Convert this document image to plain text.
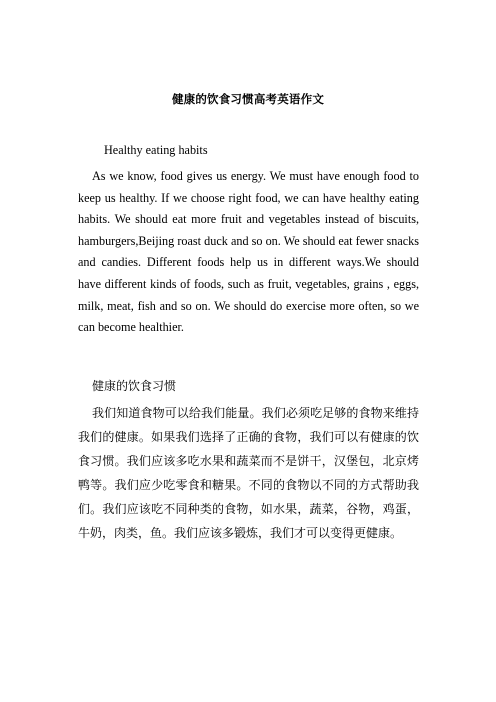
健康的饮食习惯高考英语作文
Healthy eating habits
As we know, food gives us energy. We must have enough food to keep us healthy. If we choose right food, we can have healthy eating habits. We should eat more fruit and vegetables instead of biscuits, hamburgers,Beijing roast duck and so on. We should eat fewer snacks and candies. Different foods help us in different ways.We should have different kinds of foods, such as fruit, vegetables, grains , eggs, milk, meat, fish and so on. We should do exercise more often, so we can become healthier.
健康的饮食习惯
我们知道食物可以给我们能量。我们必须吃足够的食物来维持我们的健康。如果我们选择了正确的食物，我们可以有健康的饮食习惯。我们应该多吃水果和蔬菜而不是饼干，汉堡包，北京烤鸭等。我们应少吃零食和糖果。不同的食物以不同的方式帮助我们。我们应该吃不同种类的食物，如水果，蔬菜，谷物，鸡蛋，牛奶，肉类，鱼。我们应该多锻炼，我们才可以变得更健康。
